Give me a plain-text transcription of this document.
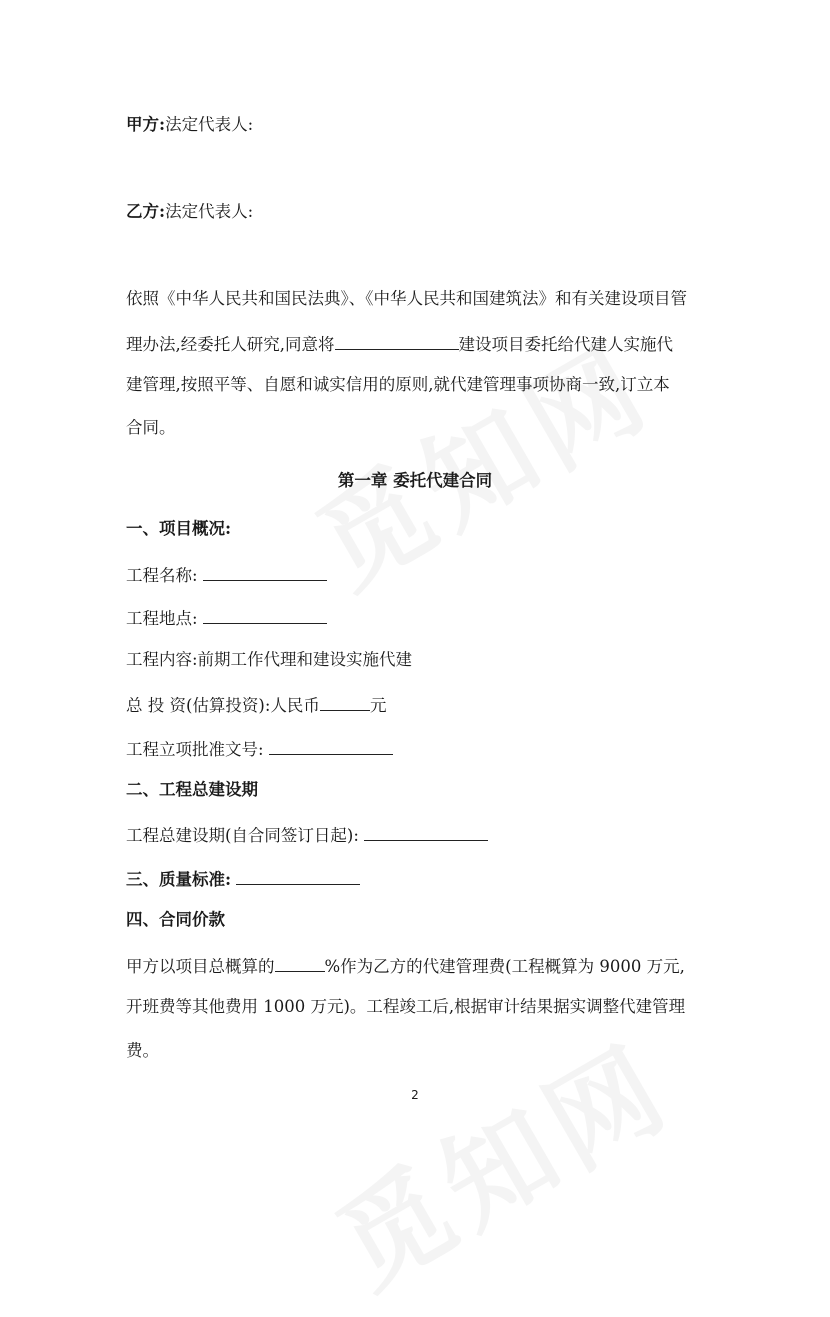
甲方:法定代表人:
乙方:法定代表人:
依照《中华人民共和国民法典》、《中华人民共和国建筑法》和有关建设项目管
理办法,经委托人研究,同意将	建设项目委托给代建人实施代
建管理,按照平等、自愿和诚实信用的原则,就代建管理事项协商一致,订立本
合同。
第一章 委托代建合同
一、项目概况:
工程名称:
工程地点:
工程内容:前期工作代理和建设实施代建
总 投 资(估算投资):人民币	元
工程立项批准文号:
二、工程总建设期
工程总建设期(自合同签订日起):
三、质量标准:
四、合同价款
甲方以项目总概算的	%作为乙方的代建管理费(工程概算为 9000 万元,
开班费等其他费用 1000 万元)。工程竣工后,根据审计结果据实调整代建管理
费。
2
